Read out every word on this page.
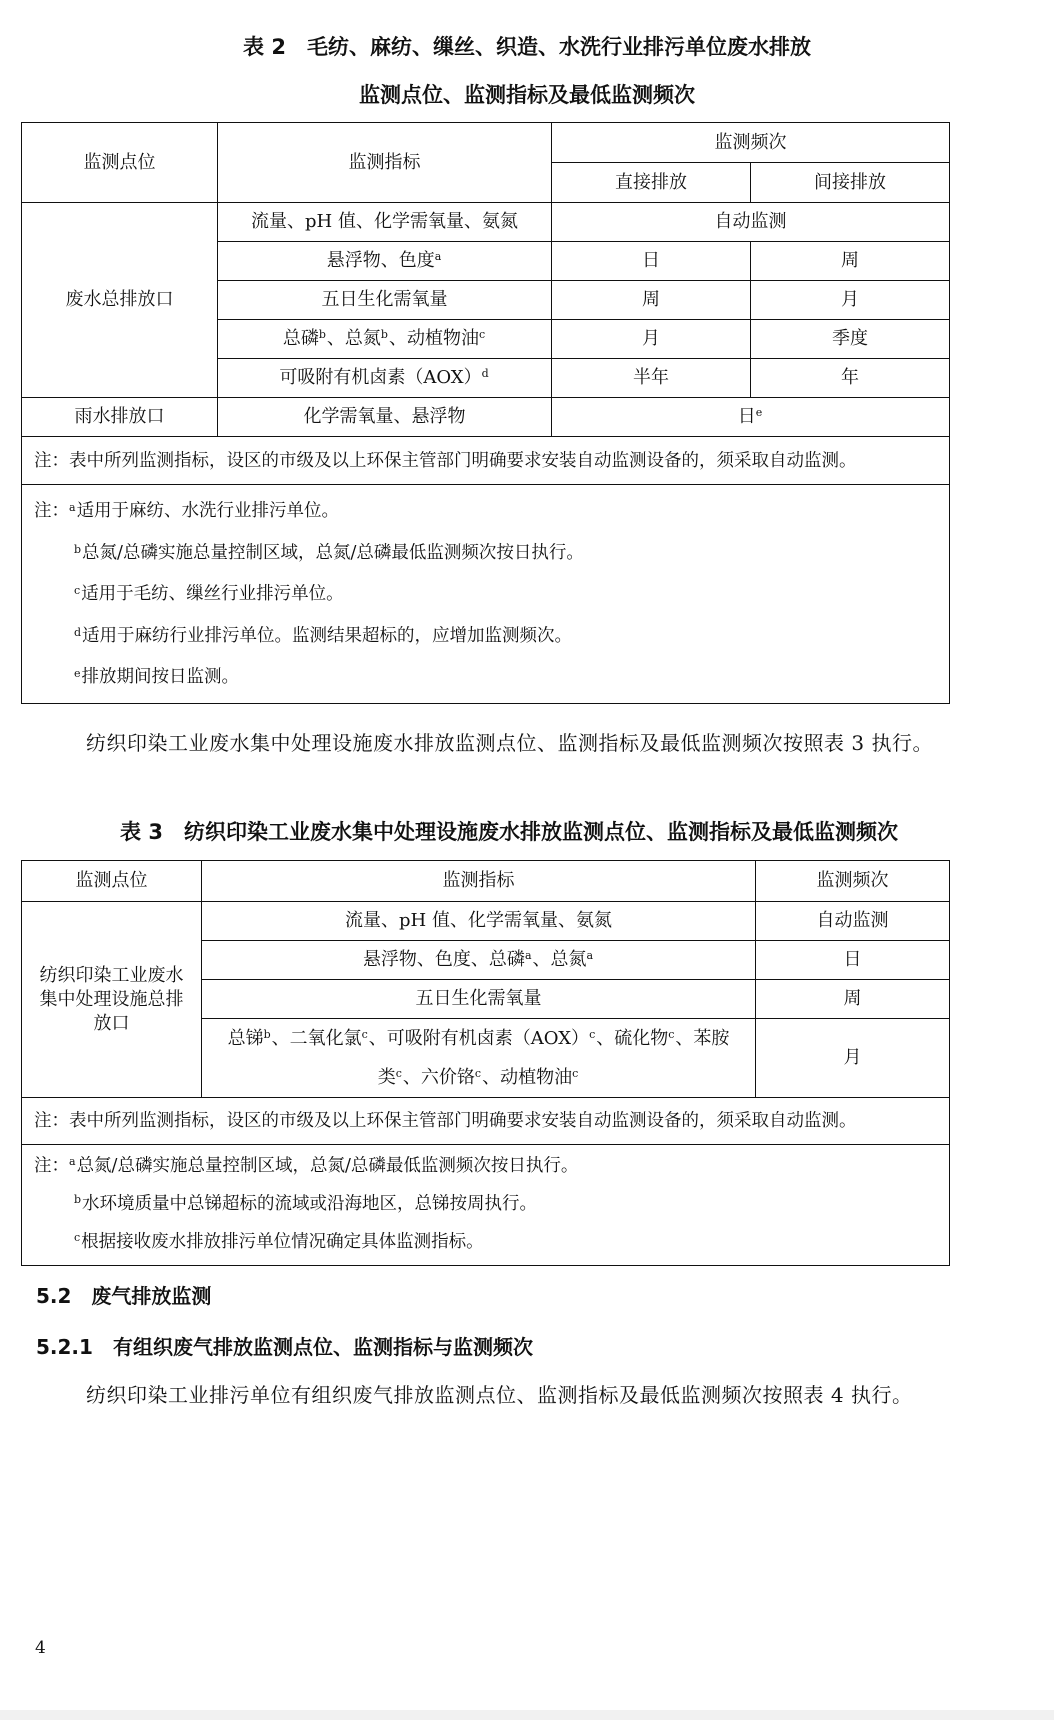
表 2　毛纺、麻纺、缫丝、织造、水洗行业排污单位废水排放
监测点位、监测指标及最低监测频次
监测点位	监测指标	监测频次	
		直接排放	间接排放
废水总排放口	流量、pH 值、化学需氧量、氨氮	自动监测	
	悬浮物、色度$^a$	日	周
	五日生化需氧量	周	月
	总磷$^b$、总氮$^b$、动植物油$^c$	月	季度
	可吸附有机卤素（AOX）$^d$	半年	年
雨水排放口	化学需氧量、悬浮物	日$^e$
注：表中所列监测指标，设区的市级及以上环保主管部门明确要求安装自动监测设备的，须采取自动监测。			

注：$^a$适用于麻纺、水洗行业排污单位。
$^b$总氮/总磷实施总量控制区域，总氮/总磷最低监测频次按日执行。
$^c$适用于毛纺、缫丝行业排污单位。
$^d$适用于麻纺行业排污单位。监测结果超标的，应增加监测频次。
$^e$排放期间按日监测。			
纺织印染工业废水集中处理设施废水排放监测点位、监测指标及最低监测频次按照表 3 执行。
表 3　纺织印染工业废水集中处理设施废水排放监测点位、监测指标及最低监测频次
监测点位	监测指标	监测频次

纺织印染工业废水
集中处理设施总排
放口	流量、pH 值、化学需氧量、氨氮	自动监测
	悬浮物、色度、总磷$^a$、总氮$^a$	日
	五日生化需氧量	周

	总锑$^b$、二氧化氯$^c$、可吸附有机卤素（AOX）$^c$、硫化物$^c$、苯胺
类$^c$、六价铬$^c$、动植物油$^c$	月
注：表中所列监测指标，设区的市级及以上环保主管部门明确要求安装自动监测设备的，须采取自动监测。		

注：$^a$总氮/总磷实施总量控制区域，总氮/总磷最低监测频次按日执行。
$^b$水环境质量中总锑超标的流域或沿海地区，总锑按周执行。
$^c$根据接收废水排放排污单位情况确定具体监测指标。		
5.2　废气排放监测
5.2.1　有组织废气排放监测点位、监测指标与监测频次
纺织印染工业排污单位有组织废气排放监测点位、监测指标及最低监测频次按照表 4 执行。
4
